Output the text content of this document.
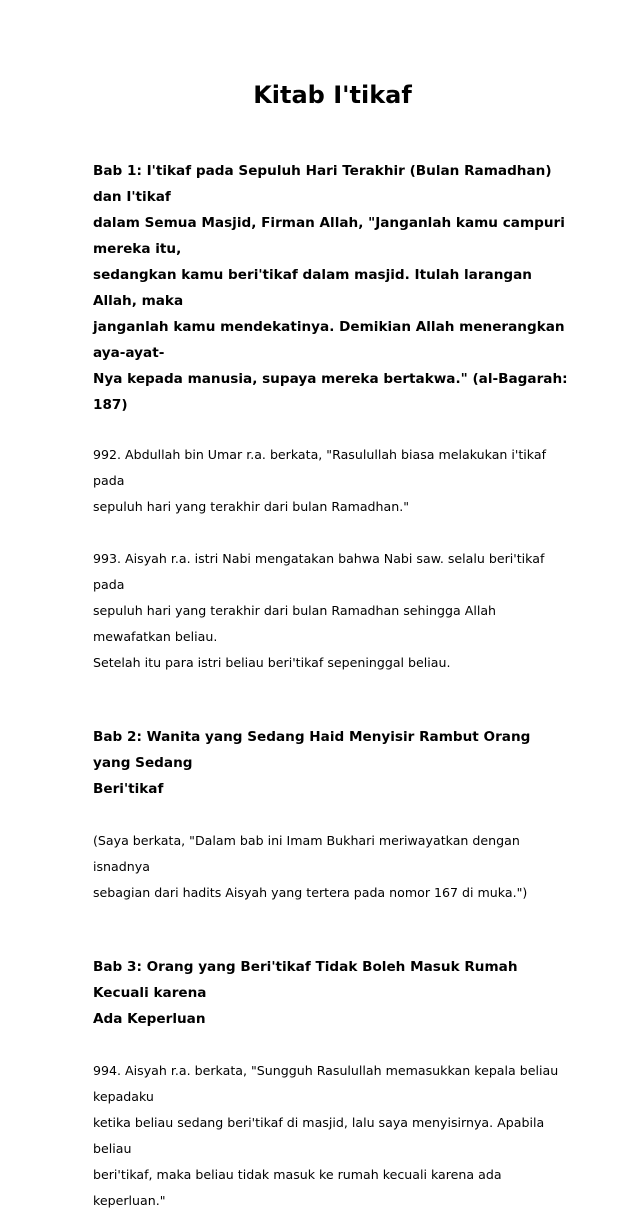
Kitab I'tikaf
Bab 1: I'tikaf pada Sepuluh Hari Terakhir (Bulan Ramadhan) dan I'tikaf
dalam Semua Masjid, Firman Allah, "Janganlah kamu campuri mereka itu,
sedangkan kamu beri'tikaf dalam masjid. Itulah larangan Allah, maka
janganlah kamu mendekatinya. Demikian Allah menerangkan aya-ayat-
Nya kepada manusia, supaya mereka bertakwa." (al-Bagarah: 187)
992. Abdullah bin Umar r.a. berkata, "Rasulullah biasa melakukan i'tikaf pada
sepuluh hari yang terakhir dari bulan Ramadhan."
993. Aisyah r.a. istri Nabi mengatakan bahwa Nabi saw. selalu beri'tikaf pada
sepuluh hari yang terakhir dari bulan Ramadhan sehingga Allah mewafatkan beliau.
Setelah itu para istri beliau beri'tikaf sepeninggal beliau.
Bab 2: Wanita yang Sedang Haid Menyisir Rambut Orang yang Sedang
Beri'tikaf
(Saya berkata, "Dalam bab ini Imam Bukhari meriwayatkan dengan isnadnya
sebagian dari hadits Aisyah yang tertera pada nomor 167 di muka.")
Bab 3: Orang yang Beri'tikaf Tidak Boleh Masuk Rumah Kecuali karena
Ada Keperluan
994. Aisyah r.a. berkata, "Sungguh Rasulullah memasukkan kepala beliau kepadaku
ketika beliau sedang beri'tikaf di masjid, lalu saya menyisirnya. Apabila beliau
beri'tikaf, maka beliau tidak masuk ke rumah kecuali karena ada keperluan."
